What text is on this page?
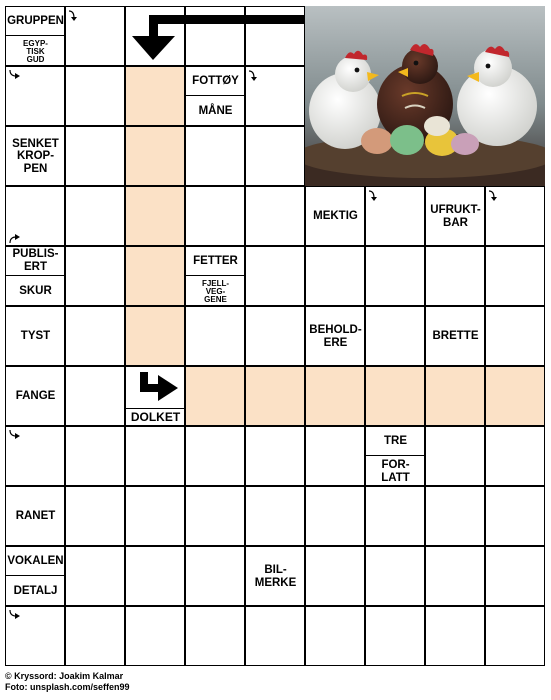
GRUPPEN
EGYP-
TISK
GUD
FOTTØY
MÅNE
SENKET
KROP-
PEN
MEKTIG
UFRUKT-
BAR
PUBLIS-
ERT
SKUR
FETTER
FJELL-
VEG-
GENE
TYST
BEHOLD-
ERE
BRETTE
FANGE
DOLKET
TRE
FOR-
LATT
RANET
VOKALEN
DETALJ
BIL-
MERKE
© Kryssord: Joakim Kalmar
Foto: unsplash.com/seffen99
